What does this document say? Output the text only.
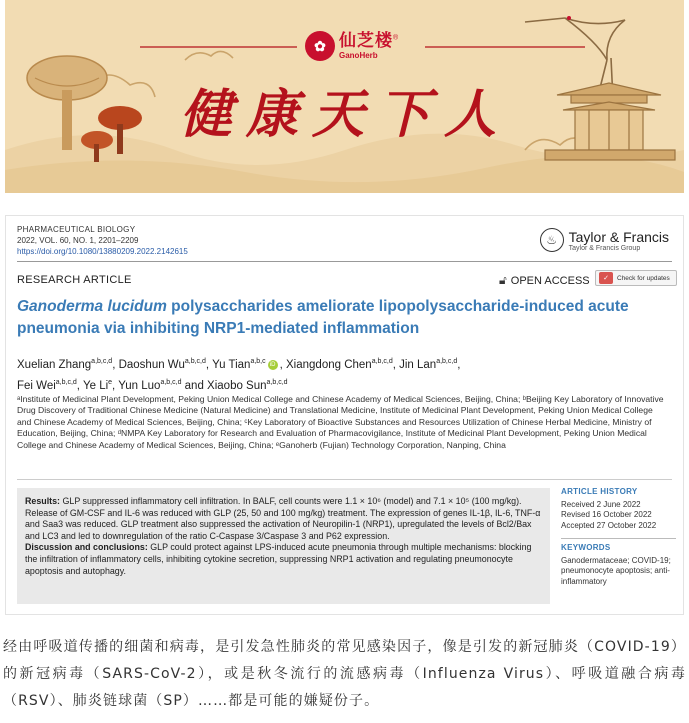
✿ 仙芝楼®
GanoHerb
健康天下人
PHARMACEUTICAL BIOLOGY
2022, VOL. 60, NO. 1, 2201–2209
https://doi.org/10.1080/13880209.2022.2142615
♨ Taylor & Francis
Taylor & Francis Group
RESEARCH ARTICLE	🔓︎ OPEN ACCESS	✓	Check for updates
Ganoderma lucidum polysaccharides ameliorate lipopolysaccharide-induced acute pneumonia via inhibiting NRP1-mediated inflammation
Xuelian Zhang$^{a,b,c,d}$, Daoshun Wu$^{a,b,c,d}$, Yu Tian$^{a,b,c}$ iD , Xiangdong Chen$^{a,b,c,d}$, Jin Lan$^{a,b,c,d}$,
Fei Wei$^{a,b,c,d}$, Ye Li$^e$, Yun Luo$^{a,b,c,d}$ and Xiaobo Sun$^{a,b,c,d}$
ᵃInstitute of Medicinal Plant Development, Peking Union Medical College and Chinese Academy of Medical Sciences, Beijing, China; ᵇBeijing Key Laboratory of Innovative Drug Discovery of Traditional Chinese Medicine (Natural Medicine) and Translational Medicine, Institute of Medicinal Plant Development, Peking Union Medical College and Chinese Academy of Medical Sciences, Beijing, China; ᶜKey Laboratory of Bioactive Substances and Resources Utilization of Chinese Herbal Medicine, Ministry of Education, Beijing, China; ᵈNMPA Key Laboratory for Research and Evaluation of Pharmacovigilance, Institute of Medicinal Plant Development, Peking Union Medical College and Chinese Academy of Medical Sciences, Beijing, China; ᵉGanoherb (Fujian) Technology Corporation, Nanping, China
Results: GLP suppressed inflammatory cell infiltration. In BALF, cell counts were 1.1 × 10⁶ (model) and 7.1 × 10⁵ (100 mg/kg). Release of GM-CSF and IL-6 was reduced with GLP (25, 50 and 100 mg/kg) treatment. The expression of genes IL-1β, IL-6, TNF-α and Saa3 was reduced. GLP treatment also suppressed the activation of Neuropilin-1 (NRP1), upregulated the levels of Bcl2/Bax and LC3 and led to downregulation of the ratio C-Caspase 3/Caspase 3 and P62 expression.
Discussion and conclusions: GLP could protect against LPS-induced acute pneumonia through multiple mechanisms: blocking the infiltration of inflammatory cells, inhibiting cytokine secretion, suppressing NRP1 activation and regulating pneumonocyte apoptosis and autophagy.
ARTICLE HISTORY
Received 2 June 2022
Revised 16 October 2022
Accepted 27 October 2022
KEYWORDS
Ganodermataceae; COVID-19; pneumonocyte apoptosis; anti-inflammatory
经由呼吸道传播的细菌和病毒，是引发急性肺炎的常见感染因子，像是引发的新冠肺炎（COVID-19）的新冠病毒（SARS-CoV-2），或是秋冬流行的流感病毒（Influenza Virus）、呼吸道融合病毒（RSV）、肺炎链球菌（SP）……都是可能的嫌疑份子。
